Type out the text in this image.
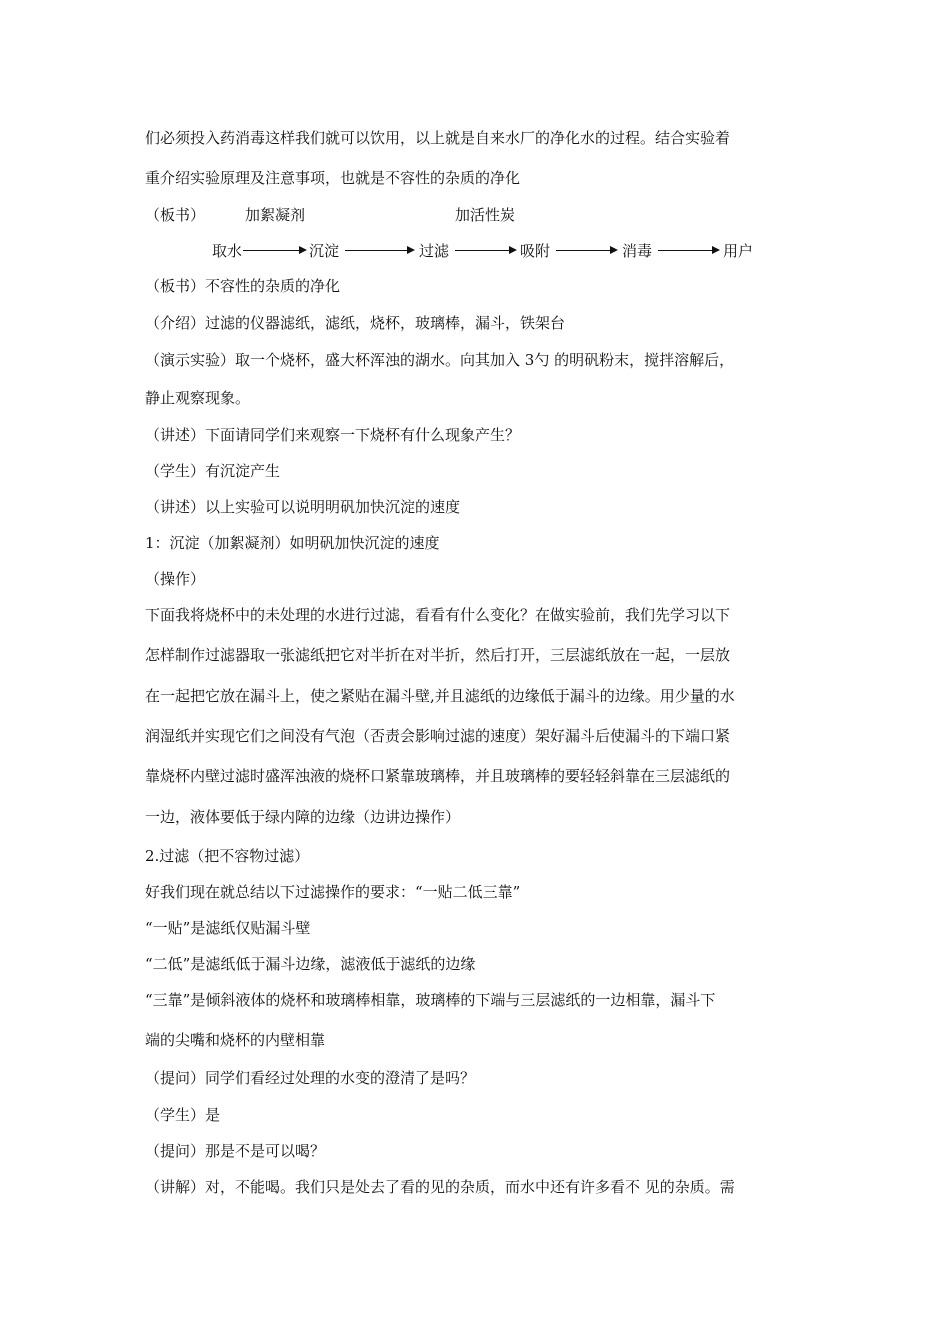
们必须投入药消毒这样我们就可以饮用，以上就是自来水厂的净化水的过程。结合实验着
重介绍实验原理及注意事项，也就是不容性的杂质的净化
（板书）	加絮凝剂	加活性炭
取水	沉淀	过滤	吸附	消毒	用户
（板书）不容性的杂质的净化
（介绍）过滤的仪器滤纸，滤纸，烧杯，玻璃棒，漏斗，铁架台
（演示实验）取一个烧杯，盛大杯浑浊的湖水。向其加入 3勺 的明矾粉末，搅拌溶解后，
静止观察现象。
（讲述）下面请同学们来观察一下烧杯有什么现象产生？
（学生）有沉淀产生
（讲述）以上实验可以说明明矾加快沉淀的速度
1：沉淀（加絮凝剂）如明矾加快沉淀的速度
（操作）
下面我将烧杯中的未处理的水进行过滤，看看有什么变化？在做实验前，我们先学习以下
怎样制作过滤器取一张滤纸把它对半折在对半折，然后打开，三层滤纸放在一起，一层放
在一起把它放在漏斗上，使之紧贴在漏斗壁,并且滤纸的边缘低于漏斗的边缘。用少量的水
润湿纸并实现它们之间没有气泡（否责会影响过滤的速度）架好漏斗后使漏斗的下端口紧
靠烧杯内壁过滤时盛浑浊液的烧杯口紧靠玻璃棒，并且玻璃棒的要轻轻斜靠在三层滤纸的
一边，液体要低于绿内障的边缘（边讲边操作）
2.过滤（把不容物过滤）
好我们现在就总结以下过滤操作的要求：“一贴二低三靠”
“一贴”是滤纸仅贴漏斗壁
“二低”是滤纸低于漏斗边缘，滤液低于滤纸的边缘
“三靠”是倾斜液体的烧杯和玻璃棒相靠，玻璃棒的下端与三层滤纸的一边相靠，漏斗下
端的尖嘴和烧杯的内壁相靠
（提问）同学们看经过处理的水变的澄清了是吗？
（学生）是
（提问）那是不是可以喝？
（讲解）对，不能喝。我们只是处去了看的见的杂质，而水中还有许多看不 见的杂质。需
